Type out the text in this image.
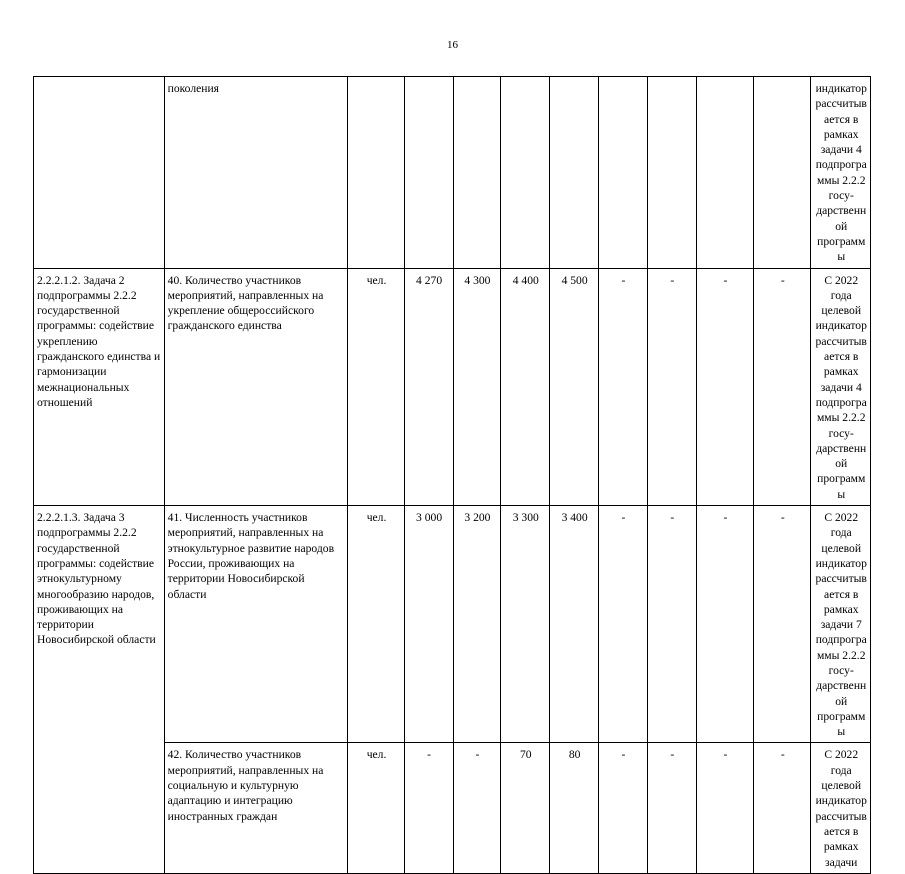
16
	поколения										индикатор рассчитывается в рамках задачи 4 подпрограммы 2.2.2 госу-дарственной программы
2.2.2.1.2. Задача 2 подпрограммы 2.2.2 государственной программы: содействие укреплению гражданского единства и гармонизации межнациональных отношений	40. Количество участников мероприятий, направленных на укрепление общероссийского гражданского единства	чел.	4 270	4 300	4 400	4 500	-	-	-	-	С 2022 года целевой индикатор рассчитывается в рамках задачи 4 подпрограммы 2.2.2 госу-дарственной программы
2.2.2.1.3. Задача 3 подпрограммы 2.2.2 государственной программы: содействие этнокультурному многообразию народов, проживающих на территории Новосибирской области	41. Численность участников мероприятий, направленных на этнокультурное развитие народов России, проживающих на территории Новосибирской области	чел.	3 000	3 200	3 300	3 400	-	-	-	-	С 2022 года целевой индикатор рассчитывается в рамках задачи 7 подпрограммы 2.2.2 госу-дарственной программы
	42. Количество участников мероприятий, направленных на социальную и культурную адаптацию и интеграцию иностранных граждан	чел.	-	-	70	80	-	-	-	-	С 2022 года целевой индикатор рассчитывается в рамках задачи
